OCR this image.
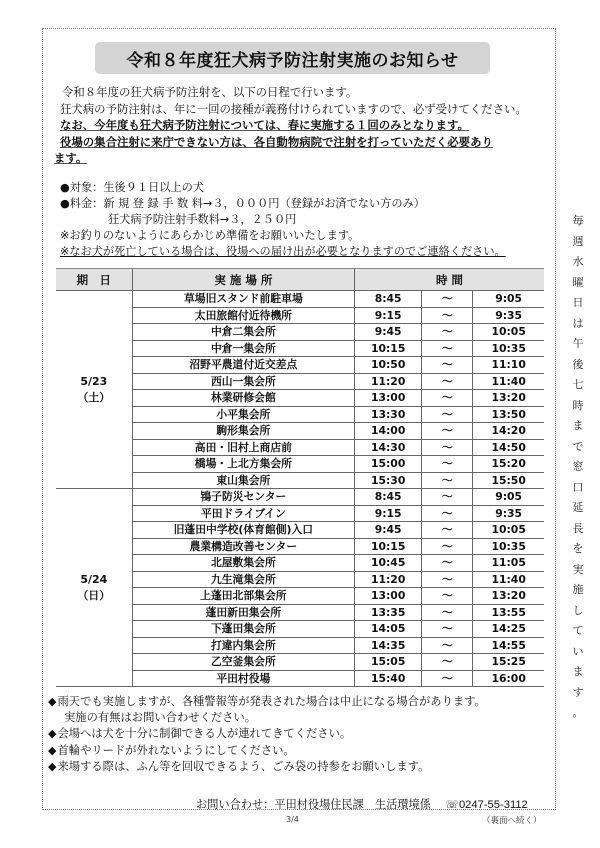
令和８年度狂犬病予防注射実施のお知らせ

令和８年度の狂犬病予防注射を、以下の日程で行います。

狂犬病の予防注射は、年に一回の接種が義務付けられていますので、必ず受けてください。

なお、今年度も狂犬病予防注射については、春に実施する１回のみとなります。

役場の集合注射に来庁できない方は、各自動物病院で注射を打っていただく必要あり

ます。

●対象：生後９１日以上の犬

●料金：新 規 登 録 手 数 料→３，０００円（登録がお済でない方のみ）

狂犬病予防注射手数料→３，２５０円

※お釣りのないようにあらかじめ準備をお願いいたします。

※なお犬が死亡している場合は、役場への届け出が必要となりますのでご連絡ください。

期　日	実 施 場 所	時 間		

5/23
（土）	草場旧スタンド前駐車場	8:45	～	9:05
	太田旅館付近待機所	9:15	～	9:35
	中倉二集会所	9:45	～	10:05
	中倉一集会所	10:15	～	10:35
	沼野平農道付近交差点	10:50	～	11:10
	西山一集会所	11:20	～	11:40
	林業研修会館	13:00	～	13:20
	小平集会所	13:30	～	13:50
	駒形集会所	14:00	～	14:20
	高田・旧村上商店前	14:30	～	14:50
	橋場・上北方集会所	15:00	～	15:20
	東山集会所	15:30	～	15:50

5/24
（日）	鴇子防災センター	8:45	～	9:05
	平田ドライブイン	9:15	～	9:35
	旧蓬田中学校(体育館側)入口	9:45	～	10:05
	農業構造改善センター	10:15	～	10:35
	北屋敷集会所	10:45	～	11:05
	九生滝集会所	11:20	～	11:40
	上蓬田北部集会所	13:00	～	13:20
	蓬田新田集会所	13:35	～	13:55
	下蓬田集会所	14:05	～	14:25
	打違内集会所	14:35	～	14:55
	乙空釜集会所	15:05	～	15:25
	平田村役場	15:40	～	16:00

◆雨天でも実施しますが、各種警報等が発表された場合は中止になる場合があります。

実施の有無はお問い合わせください。

◆会場へは犬を十分に制御できる人が連れてきてください。

◆首輪やリードが外れないようにしてください。

◆来場する際は、ふん等を回収できるよう、ごみ袋の持参をお願いします。

お問い合わせ：平田村役場住民課　生活環境係 ☏0247-55-3112
3/4	（裏面へ続く）
毎
週
水
曜
日
は
午
後
七
時
ま
で
窓
口
延
長
を
実
施
し
て
い
ま
す
。
